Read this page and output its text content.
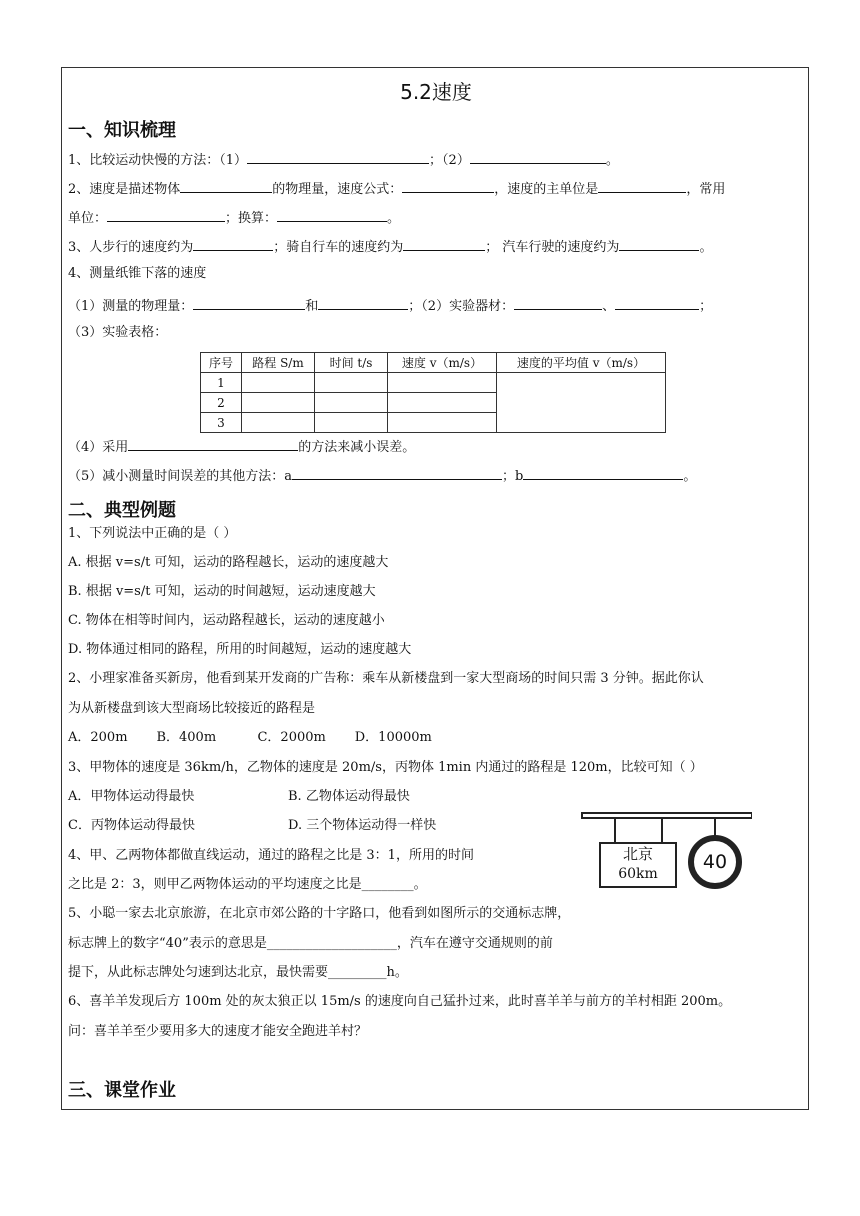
5.2速度
一、知识梳理
1、比较运动快慢的方法：（1）	；（2）	。
2、速度是描述物体	的物理量，速度公式：	，速度的主单位是	，常用
单位：	；换算：	。
3、人步行的速度约为	；骑自行车的速度约为	； 汽车行驶的速度约为	。
4、测量纸锥下落的速度
（1）测量的物理量：	和	；（2）实验器材：	、	；
（3）实验表格：
序号	路程 S/m	时间 t/s	速度 v（m/s）	速度的平均值 v（m/s）
1				
2				
3				
（4）采用	的方法来减小误差。
（5）减小测量时间误差的其他方法：a	；b	。
二、典型例题
1、下列说法中正确的是（ ）
A. 根据 v=s/t 可知，运动的路程越长，运动的速度越大
B. 根据 v=s/t 可知，运动的时间越短，运动速度越大
C. 物体在相等时间内，运动路程越长，运动的速度越小
D. 物体通过相同的路程，所用的时间越短，运动的速度越大
2、小理家准备买新房，他看到某开发商的广告称：乘车从新楼盘到一家大型商场的时间只需 3 分钟。据此你认
为从新楼盘到该大型商场比较接近的路程是
A．200m       B．400m          C．2000m       D．10000m
3、甲物体的速度是 36km/h，乙物体的速度是 20m/s，丙物体 1min 内通过的路程是 120m，比较可知（ ）
A．甲物体运动得最快	B. 乙物体运动得最快
C．丙物体运动得最快	D. 三个物体运动得一样快
4、甲、乙两物体都做直线运动，通过的路程之比是 3：1，所用的时间
之比是 2：3，则甲乙两物体运动的平均速度之比是________。
5、小聪一家去北京旅游，在北京市郊公路的十字路口，他看到如图所示的交通标志牌，
标志牌上的数字“40”表示的意思是____________________，汽车在遵守交通规则的前
提下，从此标志牌处匀速到达北京，最快需要_________h。
6、喜羊羊发现后方 100m 处的灰太狼正以 15m/s 的速度向自己猛扑过来，此时喜羊羊与前方的羊村相距 200m。
问：喜羊羊至少要用多大的速度才能安全跑进羊村？
三、课堂作业
北京
60km
40
